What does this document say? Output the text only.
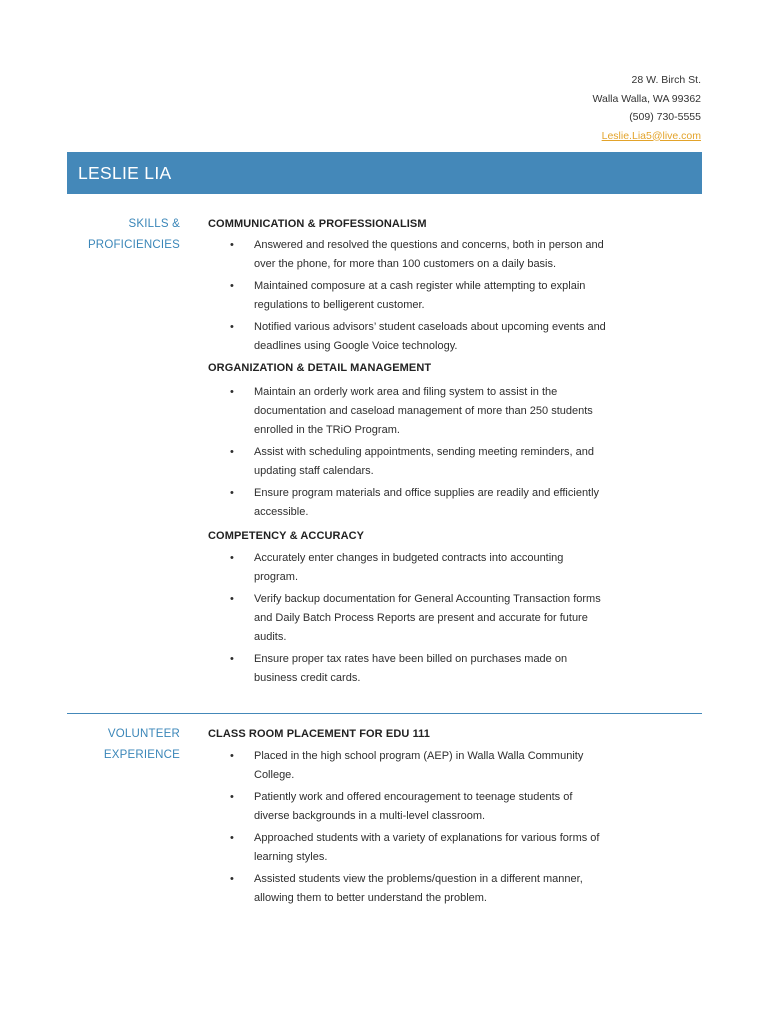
28 W. Birch St.
Walla Walla, WA 99362
(509) 730-5555
Leslie.Lia5@live.com
LESLIE LIA
SKILLS &
PROFICIENCIES

COMMUNICATION & PROFESSIONALISM

• Answered and resolved the questions and concerns, both in person and over the phone, for more than 100 customers on a daily basis.
• Maintained composure at a cash register while attempting to explain regulations to belligerent customer.
• Notified various advisors’ student caseloads about upcoming events and deadlines using Google Voice technology.

ORGANIZATION & DETAIL MANAGEMENT

• Maintain an orderly work area and filing system to assist in the documentation and caseload management of more than 250 students enrolled in the TRiO Program.
• Assist with scheduling appointments, sending meeting reminders, and updating staff calendars.
• Ensure program materials and office supplies are readily and efficiently accessible.

COMPETENCY & ACCURACY

• Accurately enter changes in budgeted contracts into accounting program.
• Verify backup documentation for General Accounting Transaction forms and Daily Batch Process Reports are present and accurate for future audits.
• Ensure proper tax rates have been billed on purchases made on business credit cards.
VOLUNTEER
EXPERIENCE

CLASS ROOM PLACEMENT FOR EDU 111

• Placed in the high school program (AEP) in Walla Walla Community College.
• Patiently work and offered encouragement to teenage students of diverse backgrounds in a multi-level classroom.
• Approached students with a variety of explanations for various forms of learning styles.
• Assisted students view the problems/question in a different manner, allowing them to better understand the problem.
